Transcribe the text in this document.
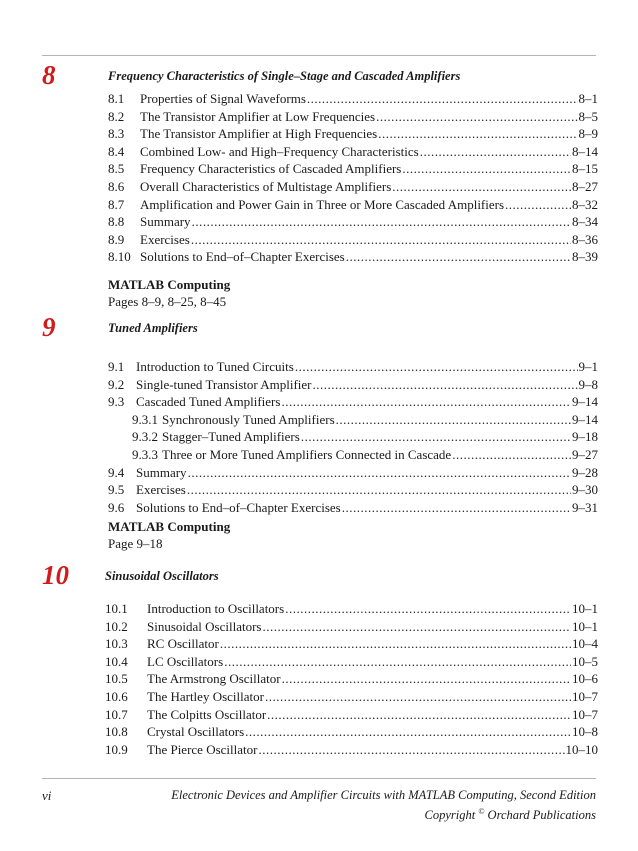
8	Frequency Characteristics of Single–Stage and Cascaded Amplifiers
8.1	Properties of Signal Waveforms .....	8–1
8.2	The Transistor Amplifier at Low Frequencies .....	8–5
8.3	The Transistor Amplifier at High Frequencies .....	8–9
8.4	Combined Low- and High–Frequency Characteristics .....	8–14
8.5	Frequency Characteristics of Cascaded Amplifiers .....	8–15
8.6	Overall Characteristics of Multistage Amplifiers .....	8–27
8.7	Amplification and Power Gain in Three or More Cascaded Amplifiers .....	8–32
8.8	Summary .....	8–34
8.9	Exercises .....	8–36
8.10 Solutions to End–of–Chapter Exercises .....	8–39
MATLAB Computing
Pages 8–9, 8–25, 8–45
9	Tuned Amplifiers
9.1 Introduction to Tuned Circuits .....	9–1
9.2 Single-tuned Transistor Amplifier .....	9–8
9.3 Cascaded Tuned Amplifiers .....	9–14
9.3.1 Synchronously Tuned Amplifiers .....	9–14
9.3.2 Stagger–Tuned Amplifiers .....	9–18
9.3.3 Three or More Tuned Amplifiers Connected in Cascade .....	9–27
9.4 Summary .....	9–28
9.5 Exercises .....	9–30
9.6 Solutions to End–of–Chapter Exercises .....	9–31
MATLAB Computing
Page 9–18
10	Sinusoidal Oscillators
10.1	Introduction to Oscillators .....	10–1
10.2	Sinusoidal Oscillators .....	10–1
10.3	RC Oscillator .....	10–4
10.4	LC Oscillators .....	10–5
10.5	The Armstrong Oscillator .....	10–6
10.6	The Hartley Oscillator .....	10–7
10.7	The Colpitts Oscillator .....	10–7
10.8	Crystal Oscillators .....	10–8
10.9	The Pierce Oscillator .....	10–10
vi	Electronic Devices and Amplifier Circuits with MATLAB Computing, Second Edition
Copyright © Orchard Publications
